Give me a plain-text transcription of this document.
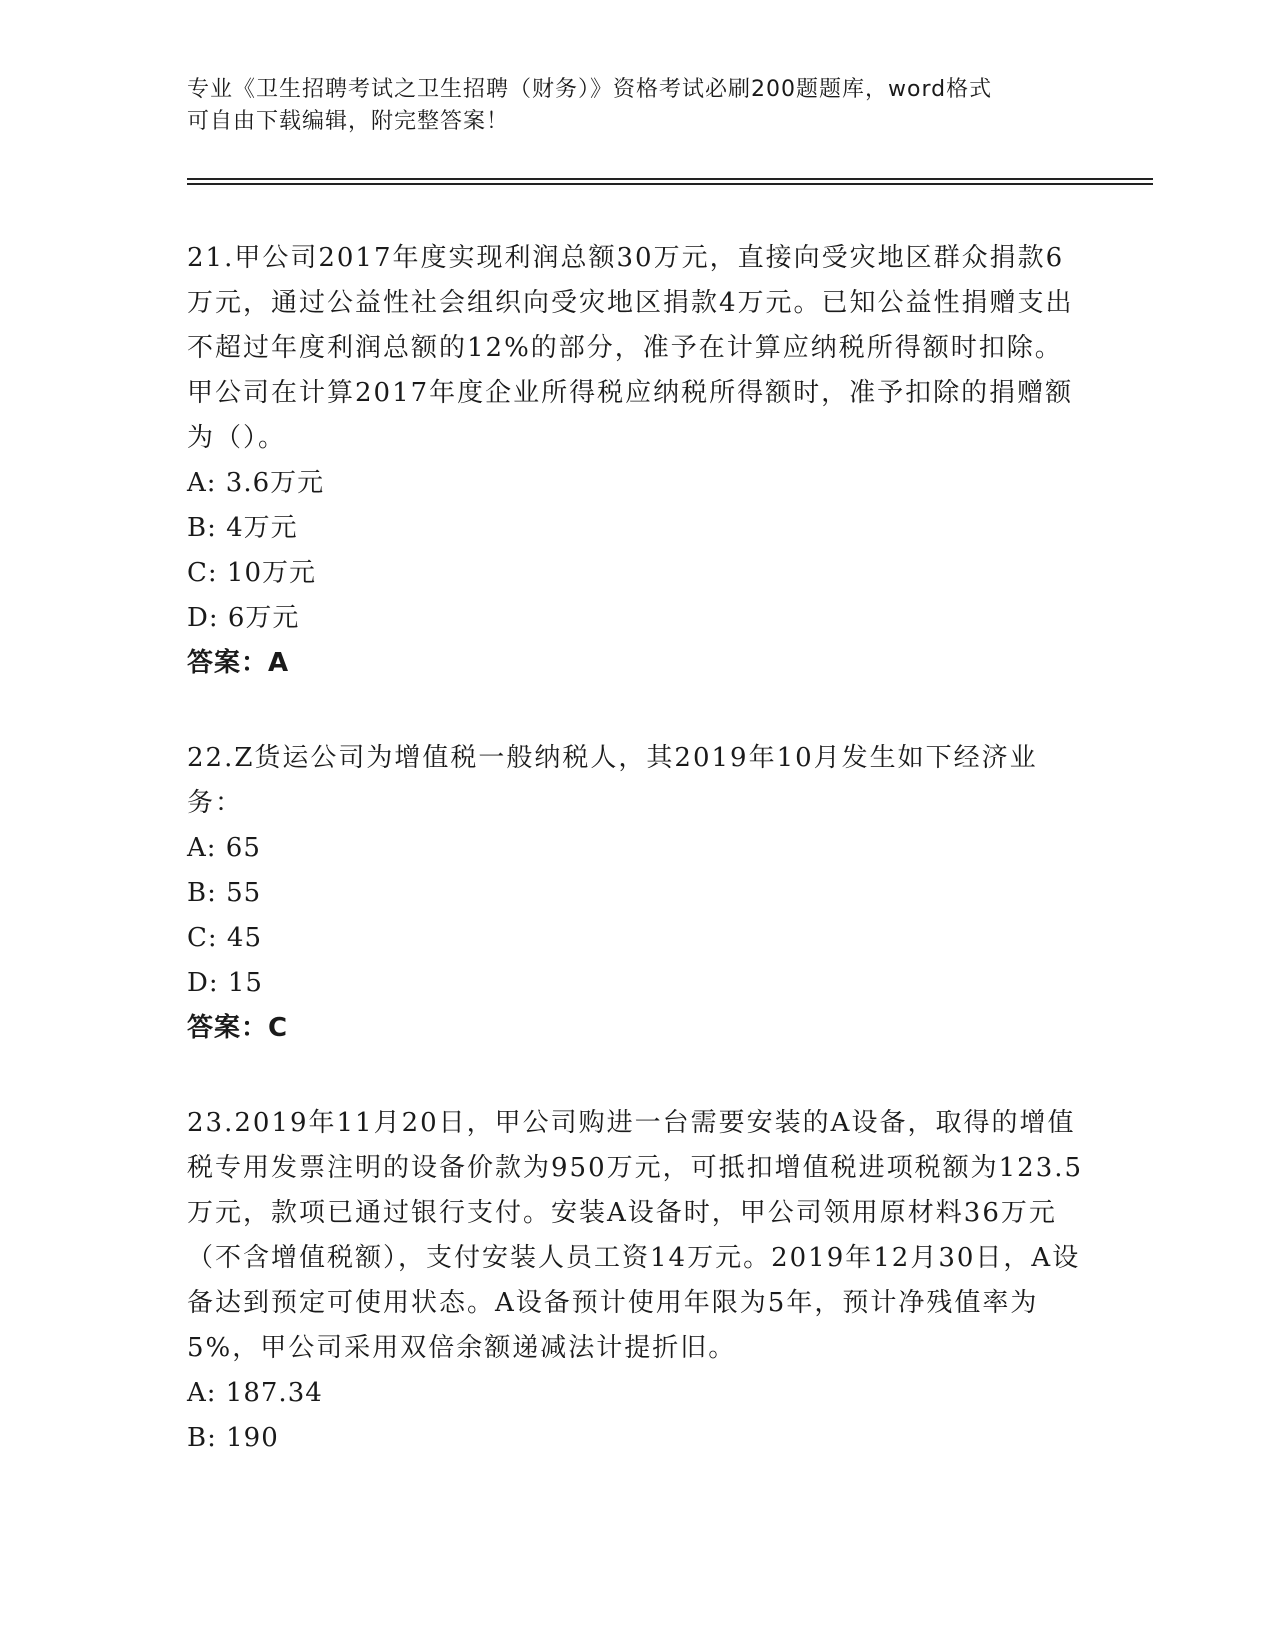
专业《卫生招聘考试之卫生招聘（财务）》资格考试必刷200题题库，word格式
可自由下载编辑，附完整答案！
21.甲公司2017年度实现利润总额30万元，直接向受灾地区群众捐款6万元，通过公益性社会组织向受灾地区捐款4万元。已知公益性捐赠支出不超过年度利润总额的12%的部分，准予在计算应纳税所得额时扣除。甲公司在计算2017年度企业所得税应纳税所得额时，准予扣除的捐赠额为（）。
A: 3.6万元
B: 4万元
C: 10万元
D: 6万元
答案：A
22.Z货运公司为增值税一般纳税人，其2019年10月发生如下经济业务：
A: 65
B: 55
C: 45
D: 15
答案：C
23.2019年11月20日，甲公司购进一台需要安装的A设备，取得的增值税专用发票注明的设备价款为950万元，可抵扣增值税进项税额为123.5万元，款项已通过银行支付。安装A设备时，甲公司领用原材料36万元（不含增值税额），支付安装人员工资14万元。2019年12月30日，A设备达到预定可使用状态。A设备预计使用年限为5年，预计净残值率为5%，甲公司采用双倍余额递减法计提折旧。
A: 187.34
B: 190
